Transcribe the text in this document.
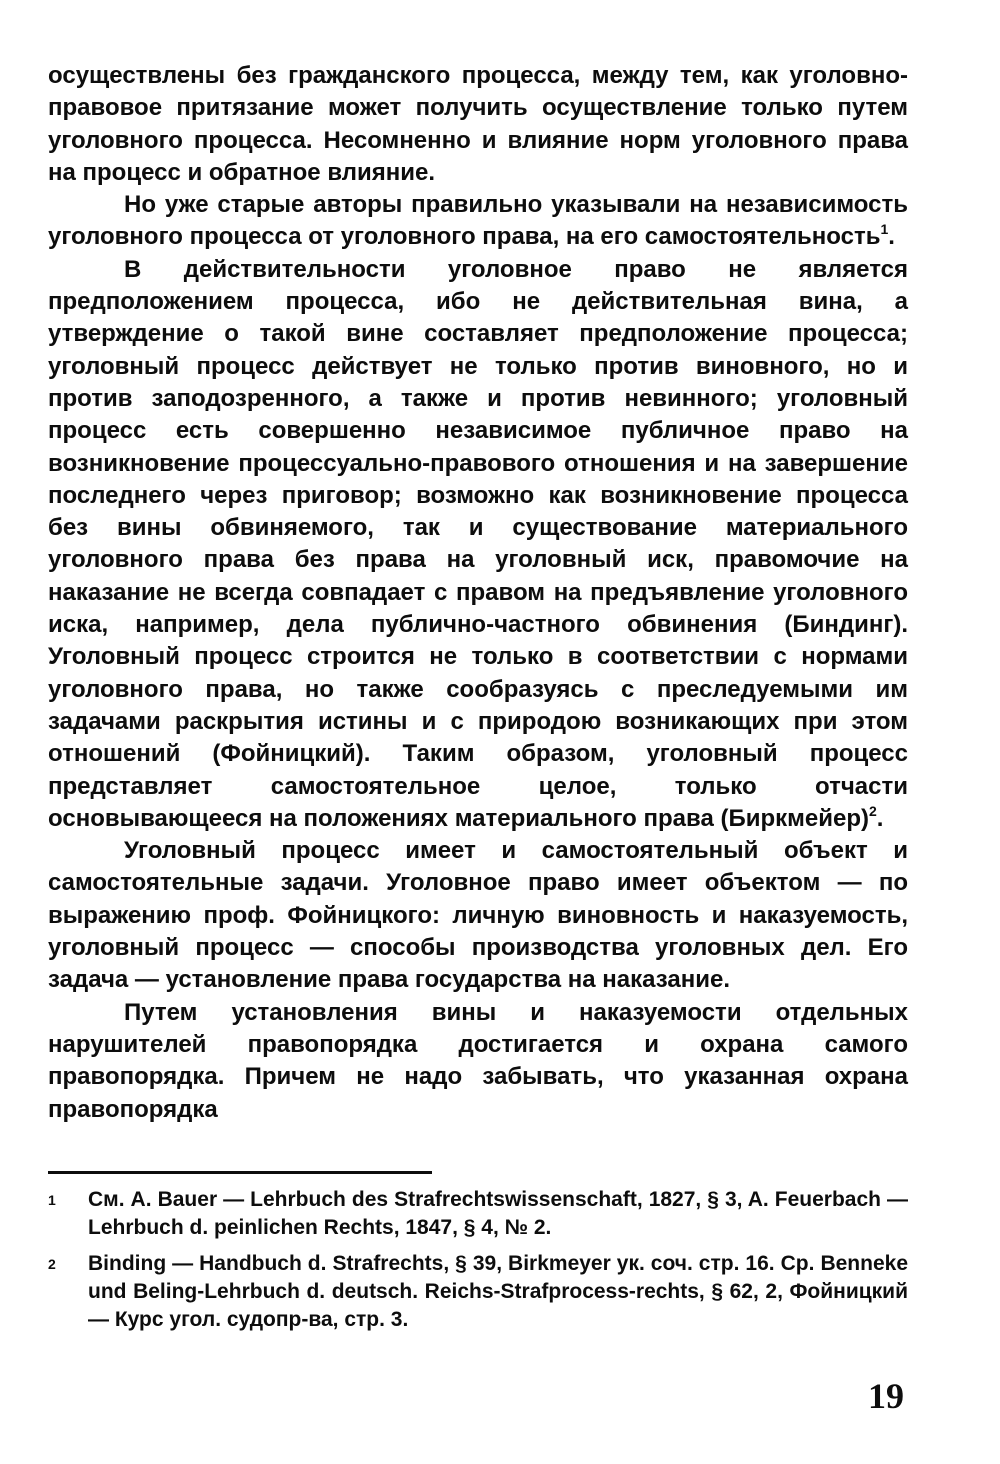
осуществлены без гражданского процесса, между тем, как уголовно-правовое притязание может получить осуществление только путем уголовного процесса. Несомненно и влияние норм уголовного права на процесс и обратное влияние.

Но уже старые авторы правильно указывали на независимость уголовного процесса от уголовного права, на его самостоятельность$^1$.

В действительности уголовное право не является предположением процесса, ибо не действительная вина, а утверждение о такой вине составляет предположение процесса; уголовный процесс действует не только против виновного, но и против заподозренного, а также и против невинного; уголовный процесс есть совершенно независимое публичное право на возникновение процессуально-правового отношения и на завершение последнего через приговор; возможно как возникновение процесса без вины обвиняемого, так и существование материального уголовного права без права на уголовный иск, правомочие на наказание не всегда совпадает с правом на предъявление уголовного иска, например, дела публично-частного обвинения (Биндинг). Уголовный процесс строится не только в соответствии с нормами уголовного права, но также сообразуясь с преследуемыми им задачами раскрытия истины и с природою возникающих при этом отношений (Фойницкий). Таким образом, уголовный процесс представляет самостоятельное целое, только отчасти основывающееся на положениях материального права (Биркмейер)$^2$.

Уголовный процесс имеет и самостоятельный объект и самостоятельные задачи. Уголовное право имеет объектом — по выражению проф. Фойницкого: личную виновность и наказуемость, уголовный процесс — способы производства уголовных дел. Его задача — установление права государства на наказание.

Путем установления вины и наказуемости отдельных нарушителей правопорядка достигается и охрана самого правопорядка. Причем не надо забывать, что указанная охрана правопорядка

1	См. A. Bauer — Lehrbuch des Strafrechtswissenschaft, 1827, § 3, A. Feuerbach — Lehrbuch d. peinlichen Rechts, 1847, § 4, № 2.
2	Binding — Handbuch d. Strafrechts, § 39, Birkmeyer ук. соч. стр. 16. Ср. Benneke und Beling-Lehrbuch d. deutsch. Reichs-Strafprocess-rechts, § 62, 2, Фойницкий — Курс угол. судопр-ва, стр. 3.
19
